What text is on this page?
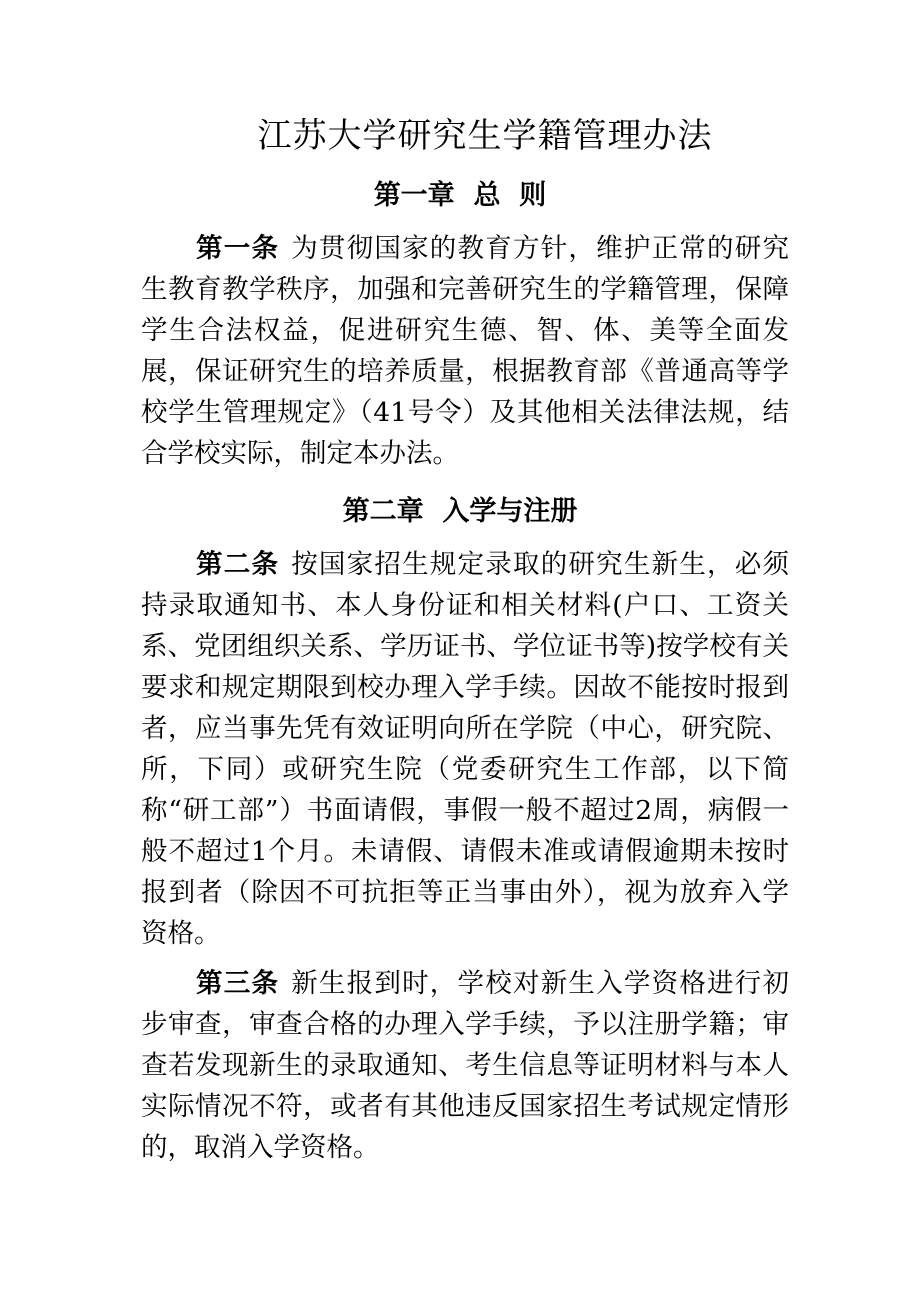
江苏大学研究生学籍管理办法
第一章  总  则

第一条 为贯彻国家的教育方针，维护正常的研究生教育教学秩序，加强和完善研究生的学籍管理，保障学生合法权益，促进研究生德、智、体、美等全面发展，保证研究生的培养质量，根据教育部《普通高等学校学生管理规定》（41号令）及其他相关法律法规，结合学校实际，制定本办法。

第二章  入学与注册

第二条 按国家招生规定录取的研究生新生，必须持录取通知书、本人身份证和相关材料(户口、工资关系、党团组织关系、学历证书、学位证书等)按学校有关要求和规定期限到校办理入学手续。因故不能按时报到者，应当事先凭有效证明向所在学院（中心，研究院、所，下同）或研究生院（党委研究生工作部，以下简称“研工部”）书面请假，事假一般不超过2周，病假一般不超过1个月。未请假、请假未准或请假逾期未按时报到者（除因不可抗拒等正当事由外），视为放弃入学资格。

第三条 新生报到时，学校对新生入学资格进行初步审查，审查合格的办理入学手续，予以注册学籍；审查若发现新生的录取通知、考生信息等证明材料与本人实际情况不符，或者有其他违反国家招生考试规定情形的，取消入学资格。
